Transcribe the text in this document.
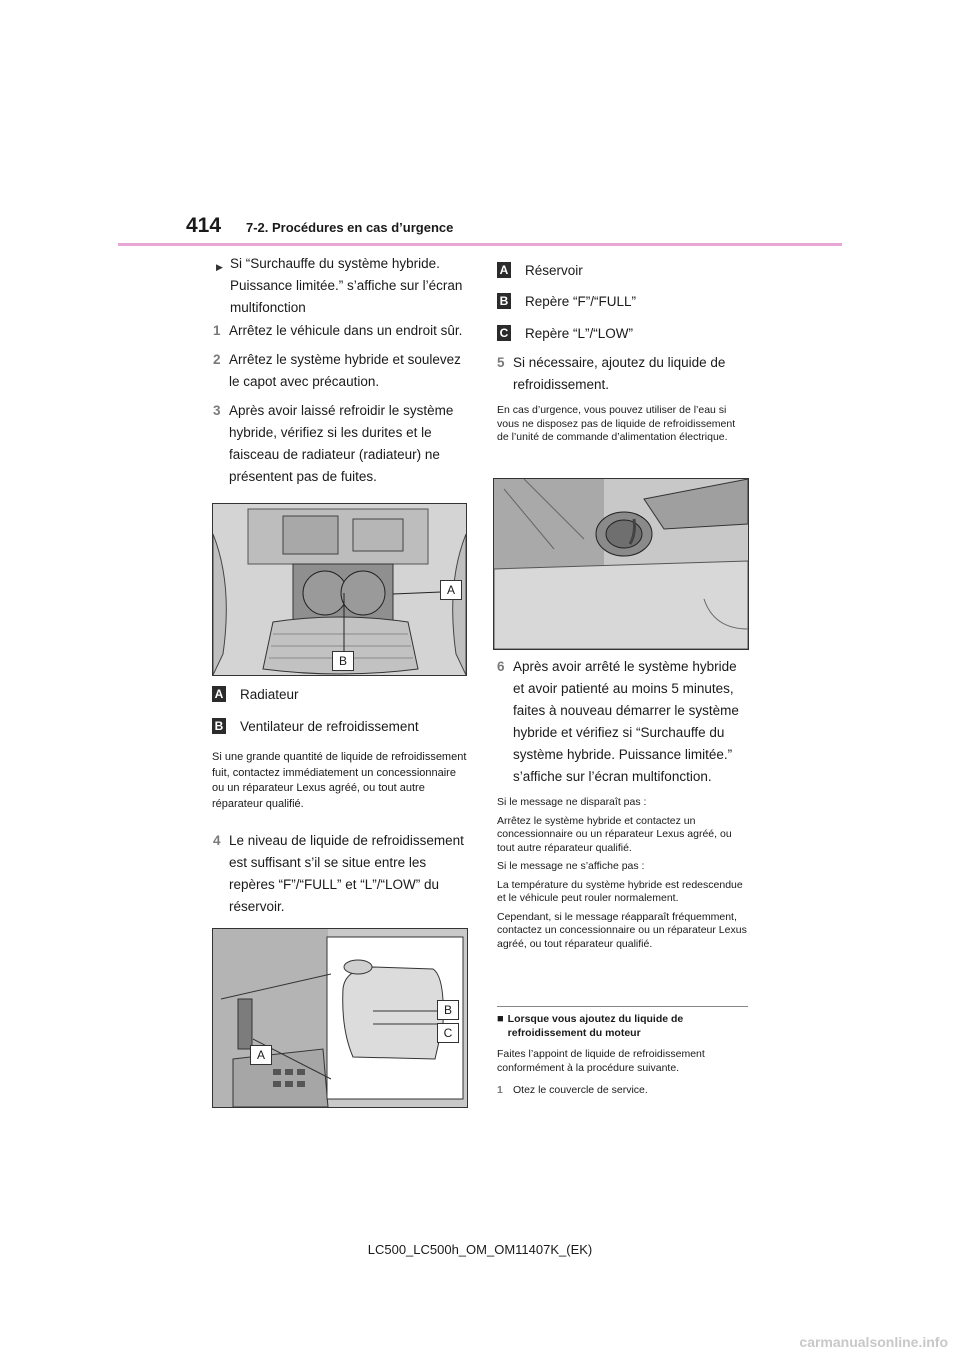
414 7-2. Procédures en cas d’urgence
▶ Si “Surchauffe du système hybride. Puissance limitée.” s’affiche sur l’écran multifonction
1 Arrêtez le véhicule dans un endroit sûr.
2 Arrêtez le système hybride et soulevez le capot avec précaution.
3 Après avoir laissé refroidir le système hybride, vérifiez si les durites et le faisceau de radiateur (radiateur) ne présentent pas de fuites.
A
B
A Radiateur
B Ventilateur de refroidissement
Si une grande quantité de liquide de refroidissement fuit, contactez immédiatement un concessionnaire ou un réparateur Lexus agréé, ou tout autre réparateur qualifié.
4 Le niveau de liquide de refroidissement est suffisant s’il se situe entre les repères “F”/“FULL” et “L”/“LOW” du réservoir.
B
C
A
A Réservoir
B Repère “F”/“FULL”
C Repère “L”/“LOW”
5 Si nécessaire, ajoutez du liquide de refroidissement.
En cas d’urgence, vous pouvez utiliser de l’eau si vous ne disposez pas de liquide de refroidissement de l’unité de commande d’alimentation électrique.
6 Après avoir arrêté le système hybride et avoir patienté au moins 5 minutes, faites à nouveau démarrer le système hybride et vérifiez si “Surchauffe du système hybride. Puissance limitée.” s’affiche sur l’écran multifonction.
Si le message ne disparaît pas :
Arrêtez le système hybride et contactez un concessionnaire ou un réparateur Lexus agréé, ou tout autre réparateur qualifié.
Si le message ne s’affiche pas :
La température du système hybride est redescendue et le véhicule peut rouler normalement.
Cependant, si le message réapparaît fréquemment, contactez un concessionnaire ou un réparateur Lexus agréé, ou tout réparateur qualifié.
■ Lorsque vous ajoutez du liquide de refroidissement du moteur
Faites l’appoint de liquide de refroidissement conformément à la procédure suivante.
1 Otez le couvercle de service.
LC500_LC500h_OM_OM11407K_(EK)
carmanualsonline.info
